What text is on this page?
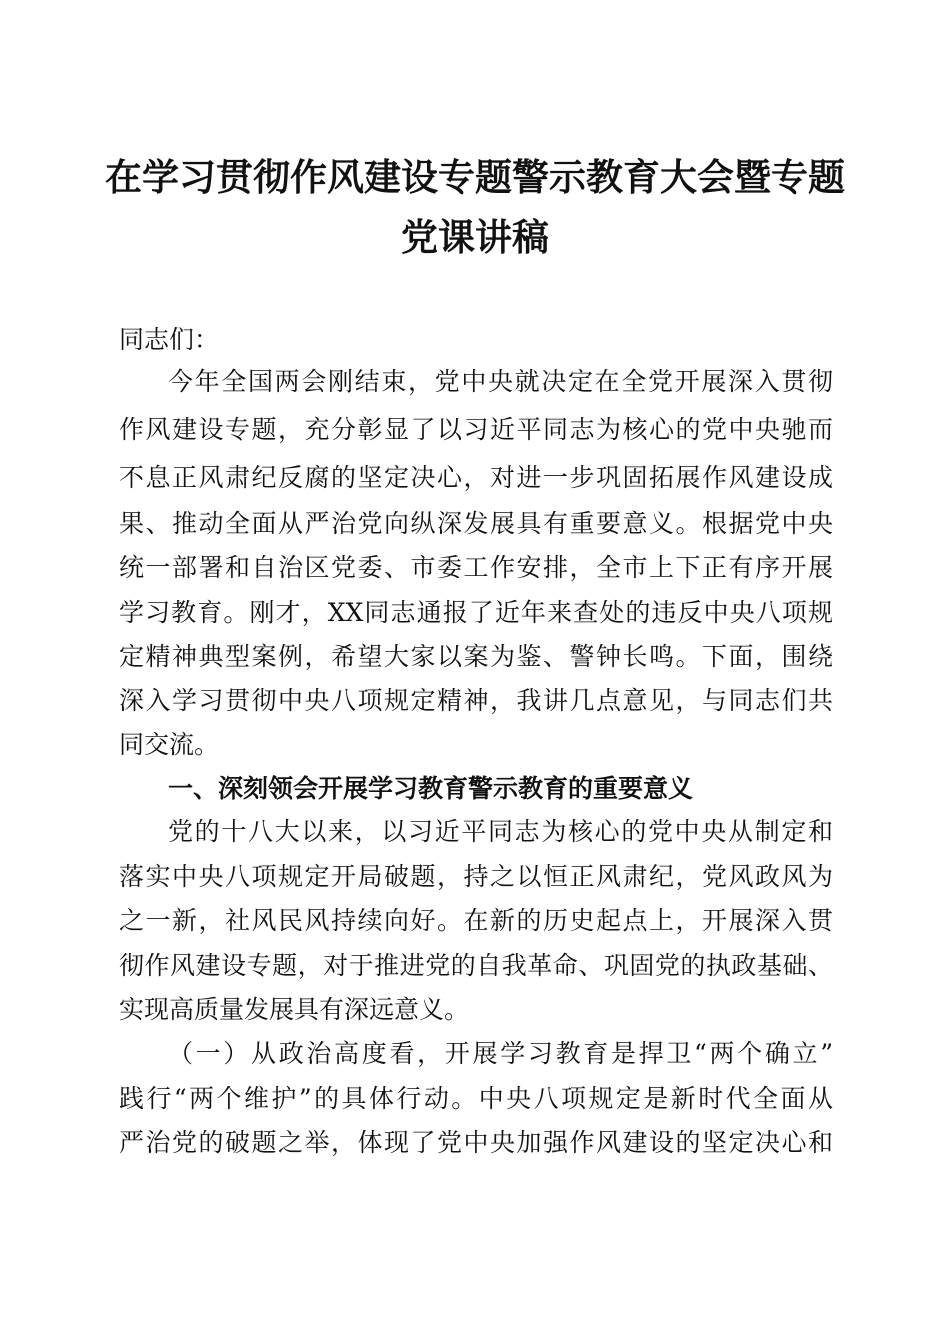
在学习贯彻作风建设专题警示教育大会暨专题
党课讲稿

同志们：

今年全国两会刚结束，党中央就决定在全党开展深入贯彻

作风建设专题，充分彰显了以习近平同志为核心的党中央驰而

不息正风肃纪反腐的坚定决心，对进一步巩固拓展作风建设成

果、推动全面从严治党向纵深发展具有重要意义。根据党中央

统一部署和自治区党委、市委工作安排，全市上下正有序开展

学习教育。刚才，XX同志通报了近年来查处的违反中央八项规

定精神典型案例，希望大家以案为鉴、警钟长鸣。下面，围绕

深入学习贯彻中央八项规定精神，我讲几点意见，与同志们共

同交流。

一、深刻领会开展学习教育警示教育的重要意义

党的十八大以来，以习近平同志为核心的党中央从制定和

落实中央八项规定开局破题，持之以恒正风肃纪，党风政风为

之一新，社风民风持续向好。在新的历史起点上，开展深入贯

彻作风建设专题，对于推进党的自我革命、巩固党的执政基础、

实现高质量发展具有深远意义。

（一）从政治高度看，开展学习教育是捍卫“两个确立”

践行“两个维护”的具体行动。中央八项规定是新时代全面从

严治党的破题之举，体现了党中央加强作风建设的坚定决心和
